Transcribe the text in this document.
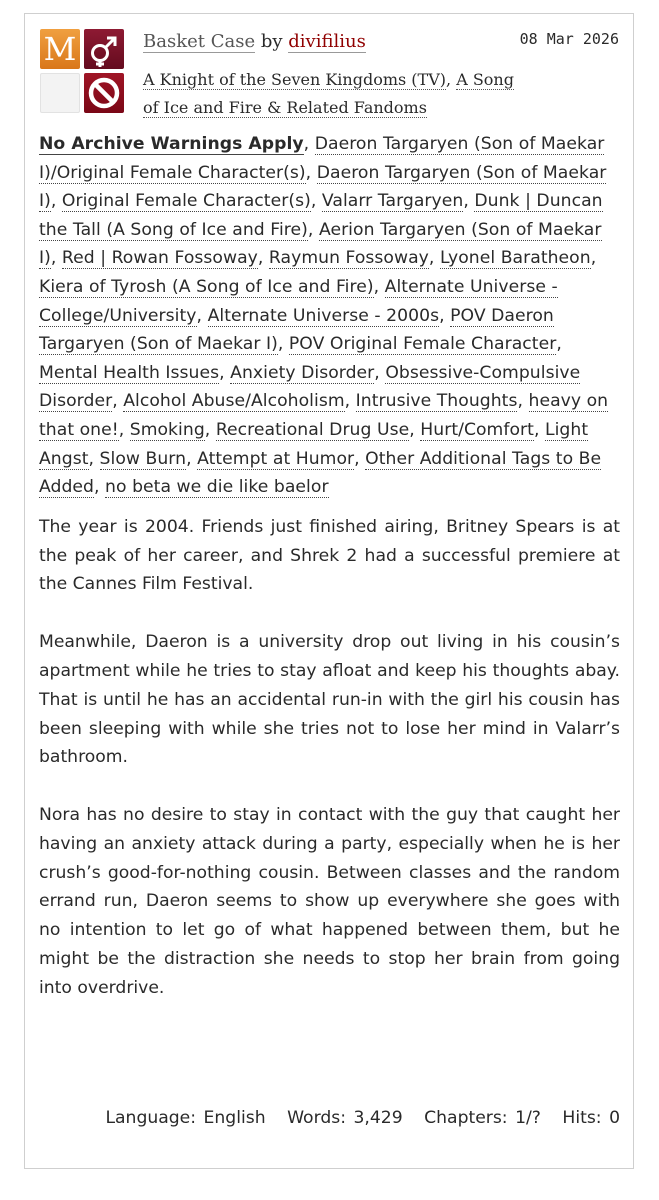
M	Basket Case by divifilius	08 Mar 2026
A Knight of the Seven Kingdoms (TV), A Song of Ice and Fire & Related Fandoms
No Archive Warnings Apply, Daeron Targaryen (Son of Maekar I)/Original Female Character(s), Daeron Targaryen (Son of Maekar I), Original Female Character(s), Valarr Targaryen, Dunk | Duncan the Tall (A Song of Ice and Fire), Aerion Targaryen (Son of Maekar I), Red | Rowan Fossoway, Raymun Fossoway, Lyonel Baratheon, Kiera of Tyrosh (A Song of Ice and Fire), Alternate Universe - College/University, Alternate Universe - 2000s, POV Daeron Targaryen (Son of Maekar I), POV Original Female Character, Mental Health Issues, Anxiety Disorder, Obsessive-Compulsive Disorder, Alcohol Abuse/Alcoholism, Intrusive Thoughts, heavy on that one!, Smoking, Recreational Drug Use, Hurt/Comfort, Light Angst, Slow Burn, Attempt at Humor, Other Additional Tags to Be Added, no beta we die like baelor

The year is 2004. Friends just finished airing, Britney Spears is at the peak of her career, and Shrek 2 had a successful premiere at the Cannes Film Festival.

Meanwhile, Daeron is a university drop out living in his cousin’s apartment while he tries to stay afloat and keep his thoughts abay. That is until he has an accidental run-in with the girl his cousin has been sleeping with while she tries not to lose her mind in Valarr’s bathroom.

Nora has no desire to stay in contact with the guy that caught her having an anxiety attack during a party, especially when he is her crush’s good-for-nothing cousin. Between classes and the random errand run, Daeron seems to show up everywhere she goes with no intention to let go of what happened between them, but he might be the distraction she needs to stop her brain from going into overdrive.

Language: English Words: 3,429 Chapters: 1/? Hits: 0
